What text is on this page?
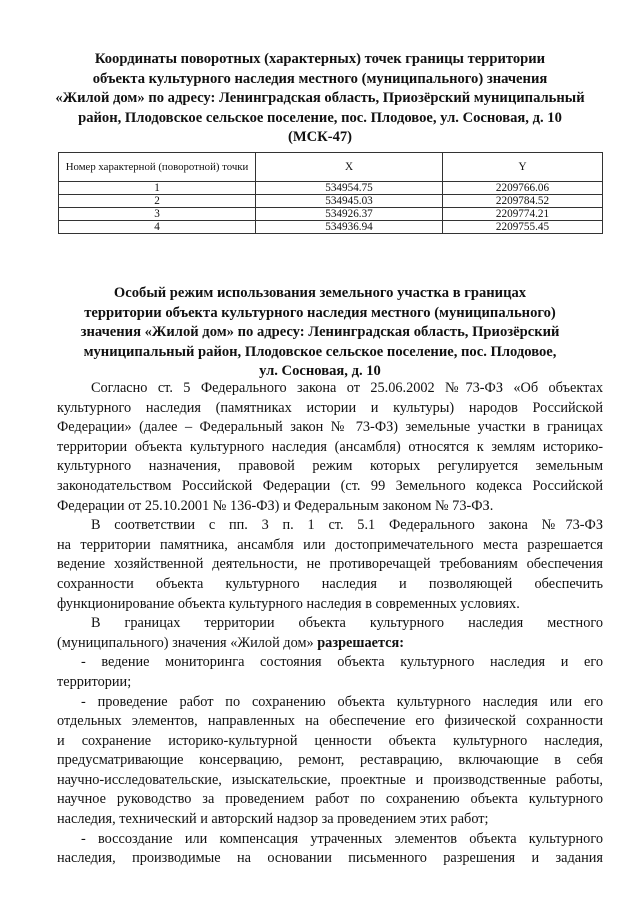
Координаты поворотных (характерных) точек границы территории
объекта культурного наследия местного (муниципального) значения
«Жилой дом» по адресу: Ленинградская область, Приозёрский муниципальный
район, Плодовское сельское поселение, пос. Плодовое, ул. Сосновая, д. 10
(МСК-47)
Номер характерной (поворотной) точки	X	Y
1	534954.75	2209766.06
2	534945.03	2209784.52
3	534926.37	2209774.21
4	534936.94	2209755.45
Особый режим использования земельного участка в границах
территории объекта культурного наследия местного (муниципального)
значения «Жилой дом» по адресу: Ленинградская область, Приозёрский
муниципальный район, Плодовское сельское поселение, пос. Плодовое,
ул. Сосновая, д. 10

Согласно ст. 5 Федерального закона от 25.06.2002 №73-ФЗ «Об объектах

культурного наследия (памятниках истории и культуры) народов Российской

Федерации» (далее – Федеральный закон № 73-ФЗ) земельные участки в границах

территории объекта культурного наследия (ансамбля) относятся к землям историко-

культурного назначения, правовой режим которых регулируется земельным

законодательством Российской Федерации (ст. 99 Земельного кодекса Российской

Федерации от 25.10.2001 № 136-ФЗ) и Федеральным законом № 73-ФЗ.

В соответствии с пп. 3 п. 1 ст. 5.1 Федерального закона №73-ФЗ

на территории памятника, ансамбля или достопримечательного места разрешается

ведение хозяйственной деятельности, не противоречащей требованиям обеспечения

сохранности объекта культурного наследия и позволяющей обеспечить

функционирование объекта культурного наследия в современных условиях.

В границах территории объекта культурного наследия местного

(муниципального) значения «Жилой дом» разрешается:

- ведение мониторинга состояния объекта культурного наследия и его

территории;

- проведение работ по сохранению объекта культурного наследия или его

отдельных элементов, направленных на обеспечение его физической сохранности

и сохранение историко-культурной ценности объекта культурного наследия,

предусматривающие консервацию, ремонт, реставрацию, включающие в себя

научно-исследовательские, изыскательские, проектные и производственные работы,

научное руководство за проведением работ по сохранению объекта культурного

наследия, технический и авторский надзор за проведением этих работ;

- воссоздание или компенсация утраченных элементов объекта культурного

наследия, производимые на основании письменного разрешения и задания
